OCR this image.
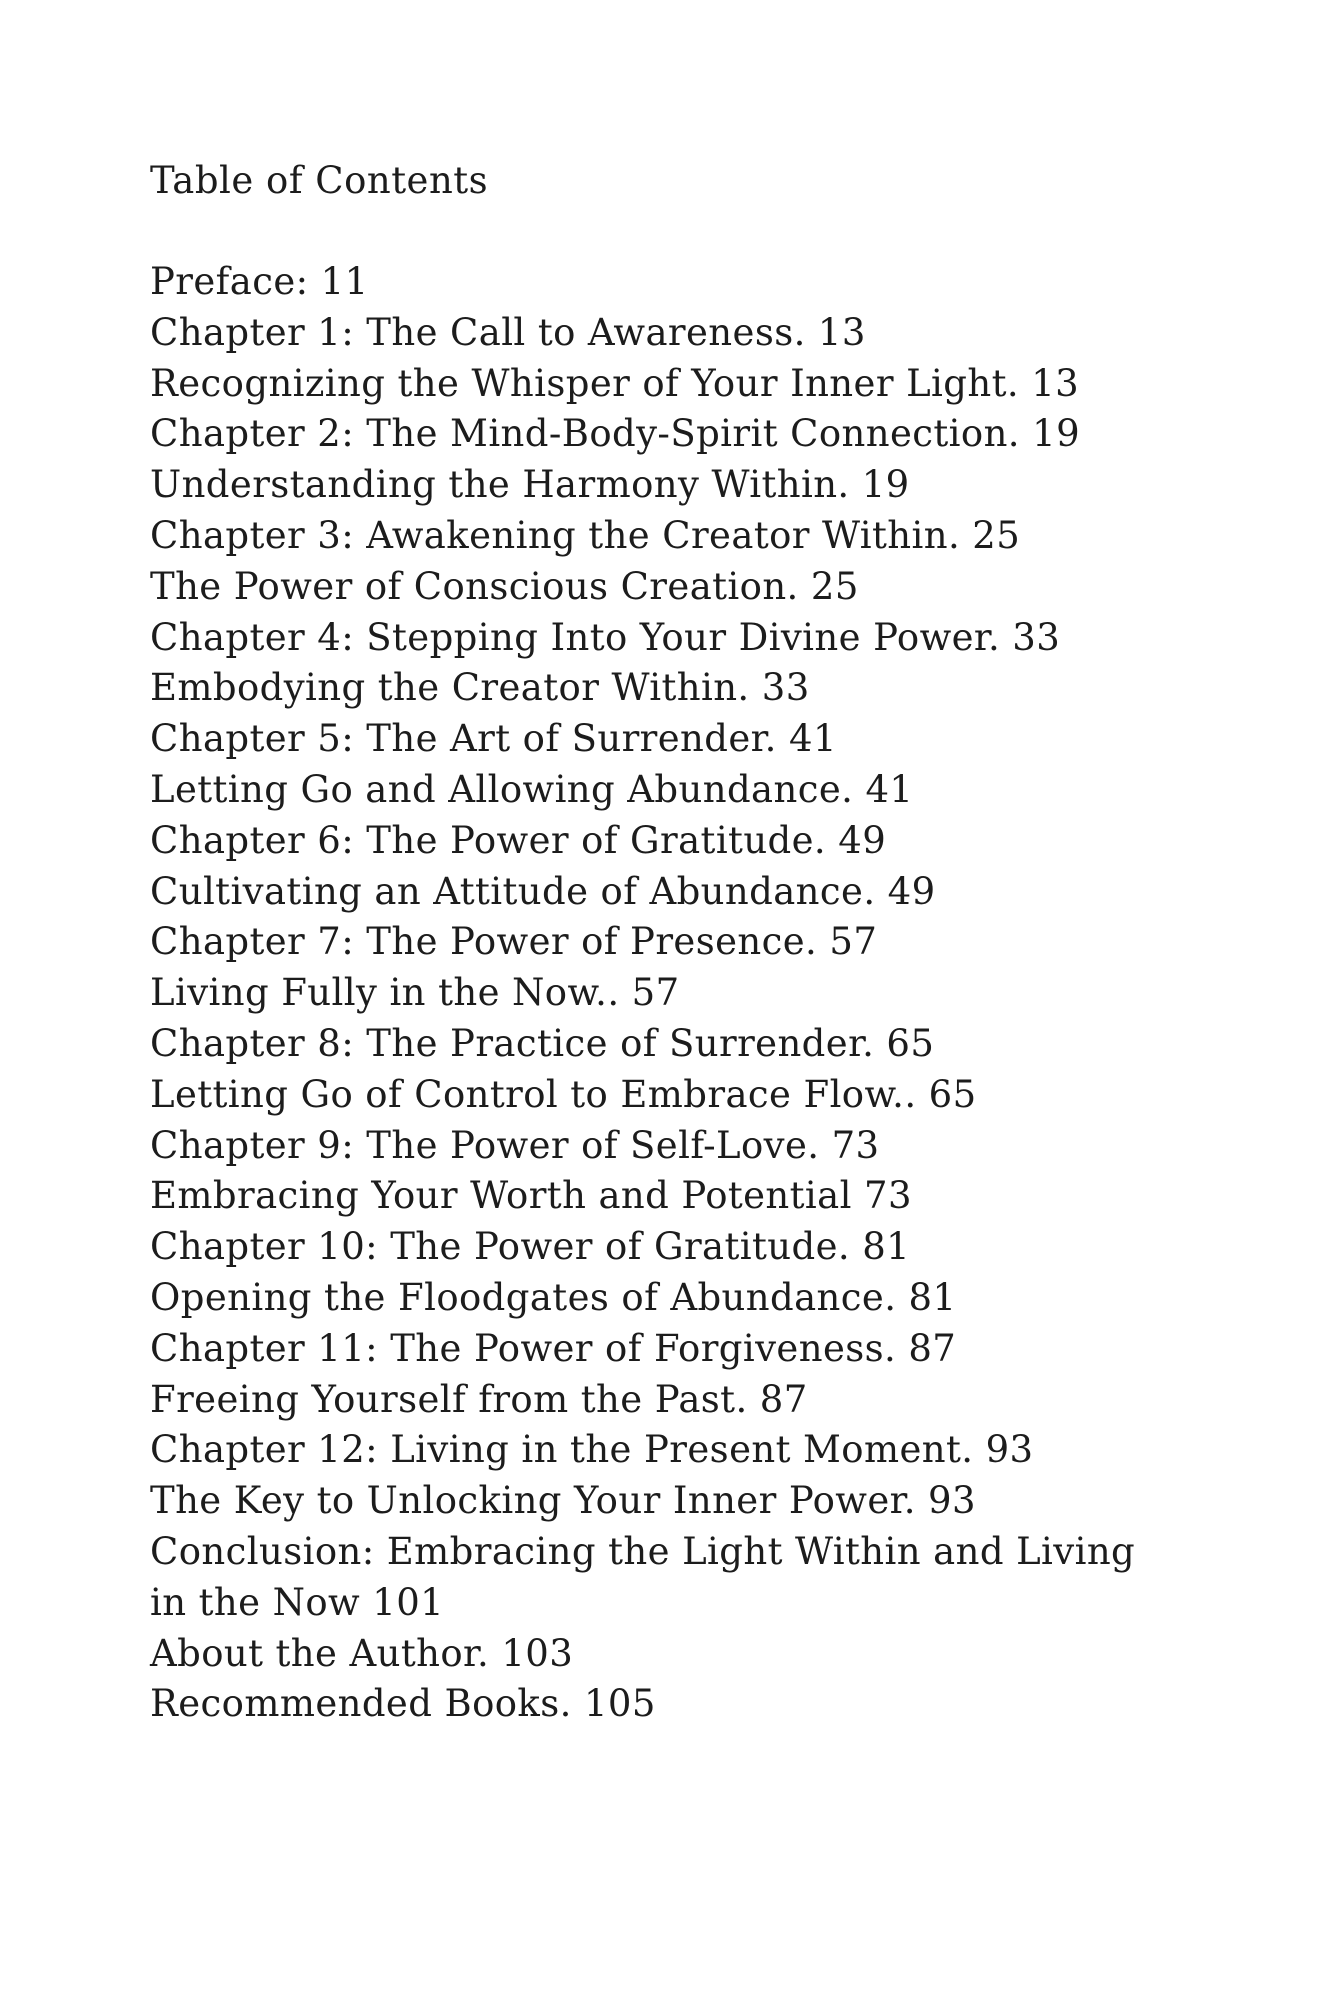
Table of Contents
Preface: 11
Chapter 1: The Call to Awareness. 13
Recognizing the Whisper of Your Inner Light. 13
Chapter 2: The Mind-Body-Spirit Connection. 19
Understanding the Harmony Within. 19
Chapter 3: Awakening the Creator Within. 25
The Power of Conscious Creation. 25
Chapter 4: Stepping Into Your Divine Power. 33
Embodying the Creator Within. 33
Chapter 5: The Art of Surrender. 41
Letting Go and Allowing Abundance. 41
Chapter 6: The Power of Gratitude. 49
Cultivating an Attitude of Abundance. 49
Chapter 7: The Power of Presence. 57
Living Fully in the Now.. 57
Chapter 8: The Practice of Surrender. 65
Letting Go of Control to Embrace Flow.. 65
Chapter 9: The Power of Self-Love. 73
Embracing Your Worth and Potential 73
Chapter 10: The Power of Gratitude. 81
Opening the Floodgates of Abundance. 81
Chapter 11: The Power of Forgiveness. 87
Freeing Yourself from the Past. 87
Chapter 12: Living in the Present Moment. 93
The Key to Unlocking Your Inner Power. 93
Conclusion: Embracing the Light Within and Living in the Now 101
About the Author. 103
Recommended Books. 105
